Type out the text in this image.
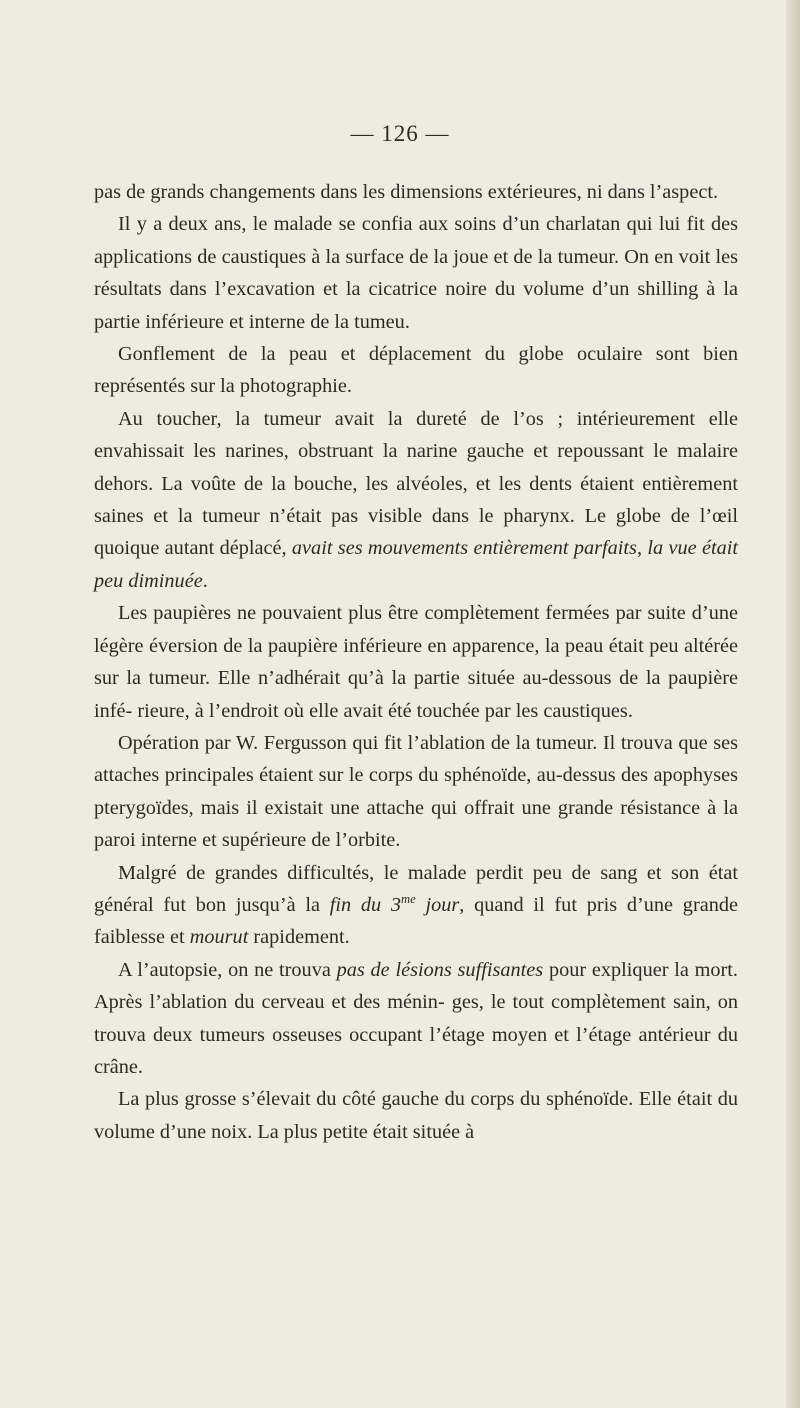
— 126 —

pas de grands changements dans les dimensions extérieures, ni dans l’aspect.

Il y a deux ans, le malade se confia aux soins d’un charlatan qui lui fit des applications de caustiques à la surface de la joue et de la tumeur. On en voit les résultats dans l’excavation et la cicatrice noire du volume d’un shilling à la partie inférieure et interne de la tumeu.

Gonflement de la peau et déplacement du globe oculaire sont bien représentés sur la photographie.

Au toucher, la tumeur avait la dureté de l’os ; intérieurement elle envahissait les narines, obstruant la narine gauche et repoussant le malaire dehors. La voûte de la bouche, les alvéoles, et les dents étaient entièrement saines et la tumeur n’était pas visible dans le pharynx. Le globe de l’œil quoique autant déplacé, avait ses mouvements entièrement parfaits, la vue était peu diminuée.

Les paupières ne pouvaient plus être complètement fermées par suite d’une légère éversion de la paupière inférieure en apparence, la peau était peu altérée sur la tumeur. Elle n’adhérait qu’à la partie située au-dessous de la paupière infé- rieure, à l’endroit où elle avait été touchée par les caustiques.

Opération par W. Fergusson qui fit l’ablation de la tumeur. Il trouva que ses attaches principales étaient sur le corps du sphénoïde, au-dessus des apophyses pterygoïdes, mais il existait une attache qui offrait une grande résistance à la paroi interne et supérieure de l’orbite.

Malgré de grandes difficultés, le malade perdit peu de sang et son état général fut bon jusqu’à la fin du $3^{me}$ jour, quand il fut pris d’une grande faiblesse et mourut rapidement.

A l’autopsie, on ne trouva pas de lésions suffisantes pour expliquer la mort. Après l’ablation du cerveau et des ménin- ges, le tout complètement sain, on trouva deux tumeurs osseuses occupant l’étage moyen et l’étage antérieur du crâne.

La plus grosse s’élevait du côté gauche du corps du sphénoïde. Elle était du volume d’une noix. La plus petite était située à
